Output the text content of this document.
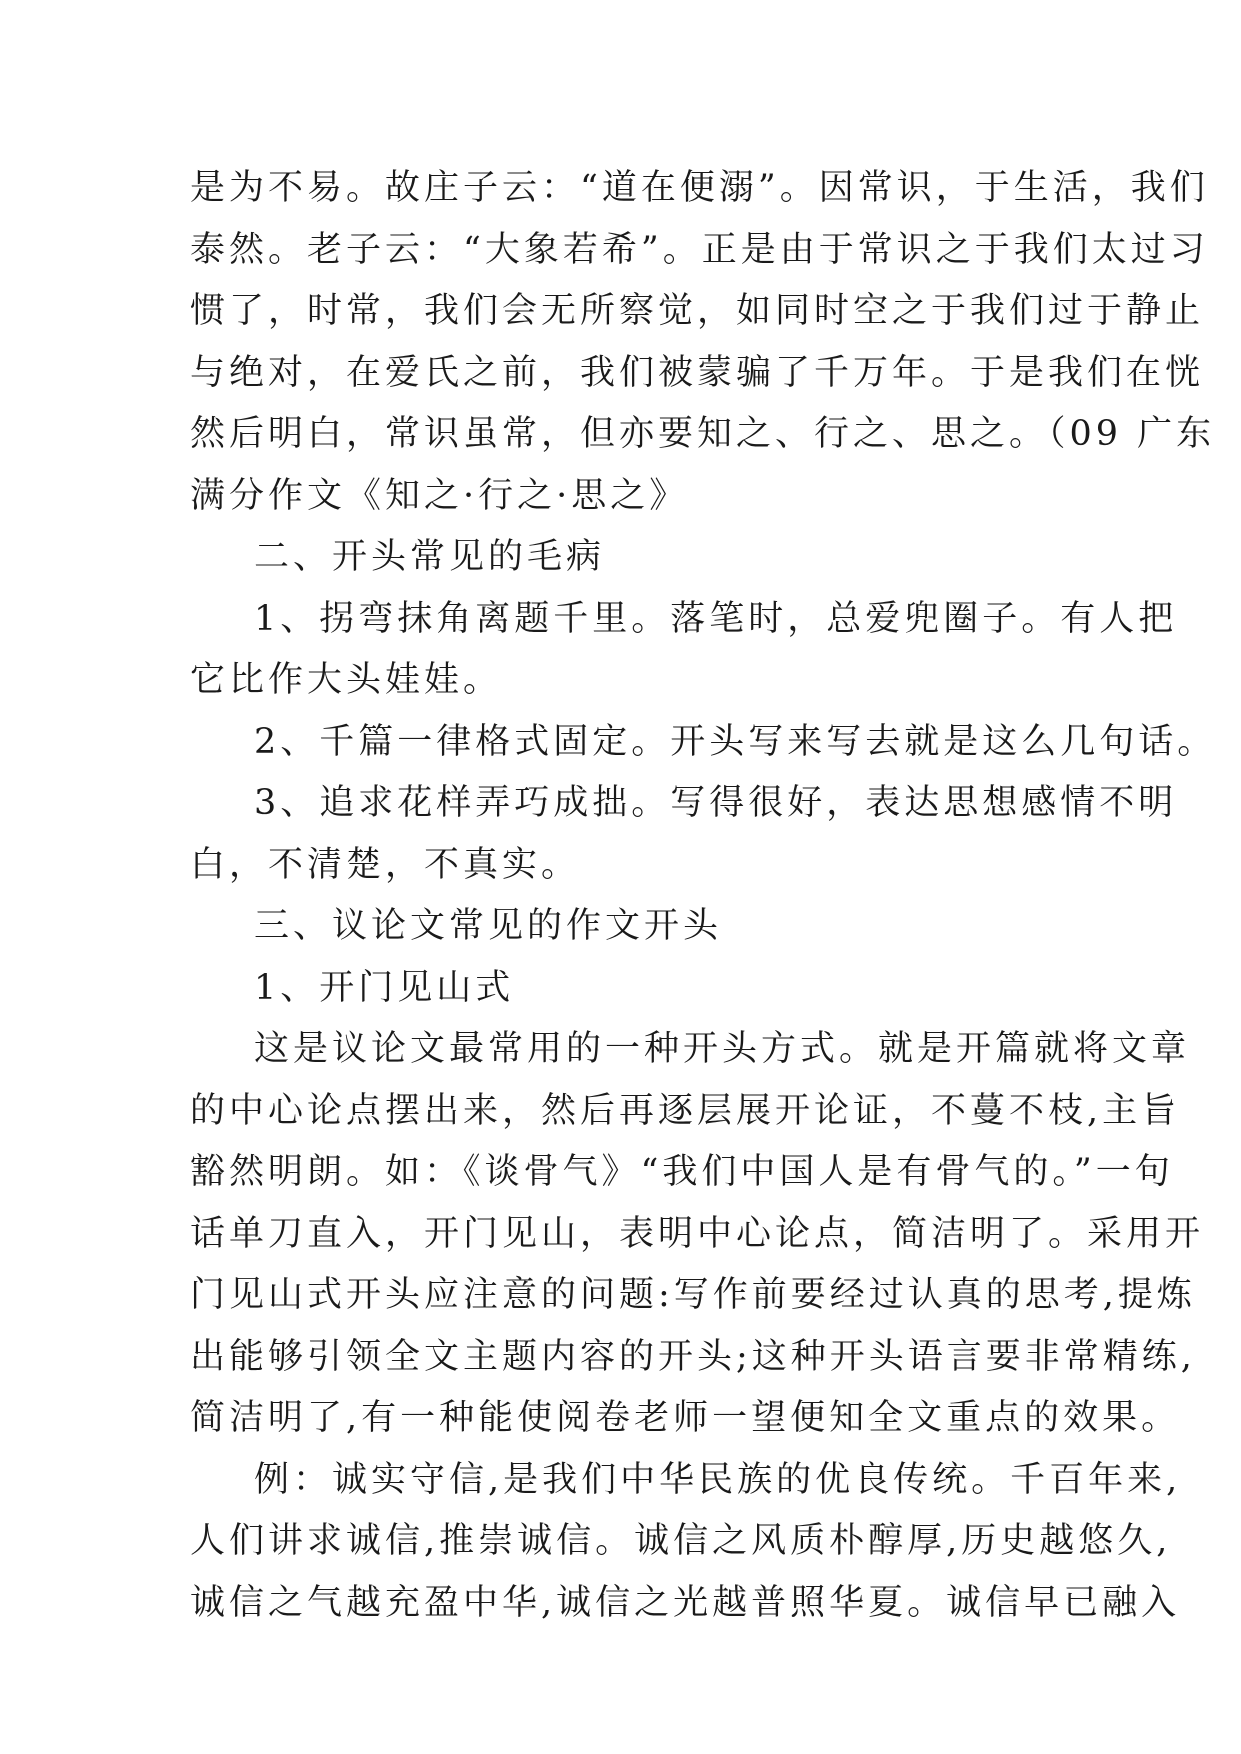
是为不易。故庄子云：“道在便溺”。因常识，于生活，我们
泰然。老子云：“大象若希”。正是由于常识之于我们太过习
惯了，时常，我们会无所察觉，如同时空之于我们过于静止
与绝对，在爱氏之前，我们被蒙骗了千万年。于是我们在恍
然后明白，常识虽常，但亦要知之、行之、思之。（09 广东
满分作文《知之·行之·思之》
二、开头常见的毛病
1、拐弯抹角离题千里。落笔时，总爱兜圈子。有人把
它比作大头娃娃。
2、千篇一律格式固定。开头写来写去就是这么几句话。
3、追求花样弄巧成拙。写得很好，表达思想感情不明
白，不清楚，不真实。
三、议论文常见的作文开头
1、开门见山式
这是议论文最常用的一种开头方式。就是开篇就将文章
的中心论点摆出来，然后再逐层展开论证，不蔓不枝,主旨
豁然明朗。如：《谈骨气》“我们中国人是有骨气的。”一句
话单刀直入，开门见山，表明中心论点，简洁明了。采用开
门见山式开头应注意的问题:写作前要经过认真的思考,提炼
出能够引领全文主题内容的开头;这种开头语言要非常精练,
简洁明了,有一种能使阅卷老师一望便知全文重点的效果。
例：诚实守信,是我们中华民族的优良传统。千百年来,
人们讲求诚信,推崇诚信。诚信之风质朴醇厚,历史越悠久,
诚信之气越充盈中华,诚信之光越普照华夏。诚信早已融入
